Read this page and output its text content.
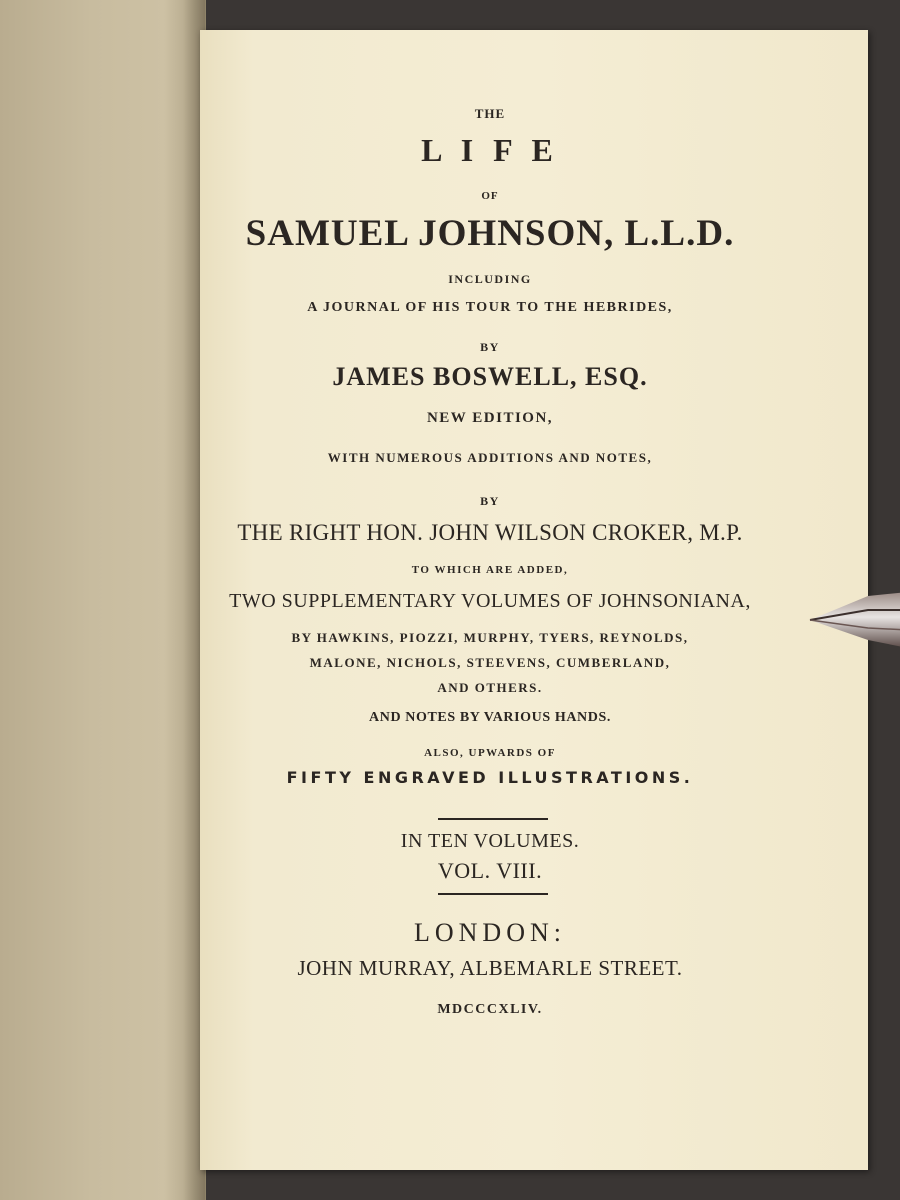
THE
L I F E
OF
SAMUEL JOHNSON, L.L.D.
INCLUDING
A JOURNAL OF HIS TOUR TO THE HEBRIDES,
BY
JAMES BOSWELL, ESQ.
NEW EDITION,
WITH NUMEROUS ADDITIONS AND NOTES,
BY
THE RIGHT HON. JOHN WILSON CROKER, M.P.
TO WHICH ARE ADDED,
TWO SUPPLEMENTARY VOLUMES OF JOHNSONIANA,
BY HAWKINS, PIOZZI, MURPHY, TYERS, REYNOLDS,
MALONE, NICHOLS, STEEVENS, CUMBERLAND,
AND OTHERS.
AND NOTES BY VARIOUS HANDS.
ALSO, UPWARDS OF
FIFTY ENGRAVED ILLUSTRATIONS.
IN TEN VOLUMES.
VOL. VIII.
LONDON:
JOHN MURRAY, ALBEMARLE STREET.
MDCCCXLIV.
